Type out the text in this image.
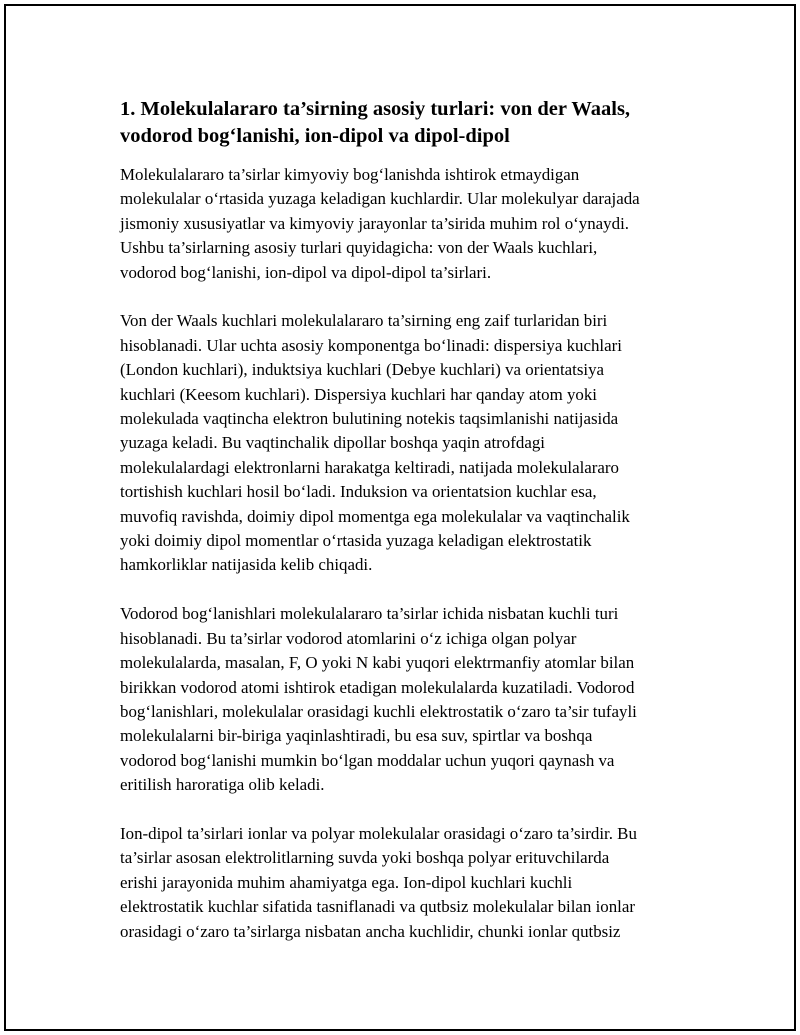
1. Molekulalararo ta’sirning asosiy turlari: von der Waals,
vodorod bog‘lanishi, ion-dipol va dipol-dipol

Molekulalararo ta’sirlar kimyoviy bog‘lanishda ishtirok etmaydigan
molekulalar o‘rtasida yuzaga keladigan kuchlardir. Ular molekulyar darajada
jismoniy xususiyatlar va kimyoviy jarayonlar ta’sirida muhim rol o‘ynaydi.
Ushbu ta’sirlarning asosiy turlari quyidagicha: von der Waals kuchlari,
vodorod bog‘lanishi, ion-dipol va dipol-dipol ta’sirlari.

Von der Waals kuchlari molekulalararo ta’sirning eng zaif turlaridan biri
hisoblanadi. Ular uchta asosiy komponentga bo‘linadi: dispersiya kuchlari
(London kuchlari), induktsiya kuchlari (Debye kuchlari) va orientatsiya
kuchlari (Keesom kuchlari). Dispersiya kuchlari har qanday atom yoki
molekulada vaqtincha elektron bulutining notekis taqsimlanishi natijasida
yuzaga keladi. Bu vaqtinchalik dipollar boshqa yaqin atrofdagi
molekulalardagi elektronlarni harakatga keltiradi, natijada molekulalararo
tortishish kuchlari hosil bo‘ladi. Induksion va orientatsion kuchlar esa,
muvofiq ravishda, doimiy dipol momentga ega molekulalar va vaqtinchalik
yoki doimiy dipol momentlar o‘rtasida yuzaga keladigan elektrostatik
hamkorliklar natijasida kelib chiqadi.

Vodorod bog‘lanishlari molekulalararo ta’sirlar ichida nisbatan kuchli turi
hisoblanadi. Bu ta’sirlar vodorod atomlarini o‘z ichiga olgan polyar
molekulalarda, masalan, F, O yoki N kabi yuqori elektrmanfiy atomlar bilan
birikkan vodorod atomi ishtirok etadigan molekulalarda kuzatiladi. Vodorod
bog‘lanishlari, molekulalar orasidagi kuchli elektrostatik o‘zaro ta’sir tufayli
molekulalarni bir-biriga yaqinlashtiradi, bu esa suv, spirtlar va boshqa
vodorod bog‘lanishi mumkin bo‘lgan moddalar uchun yuqori qaynash va
eritilish haroratiga olib keladi.

Ion-dipol ta’sirlari ionlar va polyar molekulalar orasidagi o‘zaro ta’sirdir. Bu
ta’sirlar asosan elektrolitlarning suvda yoki boshqa polyar erituvchilarda
erishi jarayonida muhim ahamiyatga ega. Ion-dipol kuchlari kuchli
elektrostatik kuchlar sifatida tasniflanadi va qutbsiz molekulalar bilan ionlar
orasidagi o‘zaro ta’sirlarga nisbatan ancha kuchlidir, chunki ionlar qutbsiz
